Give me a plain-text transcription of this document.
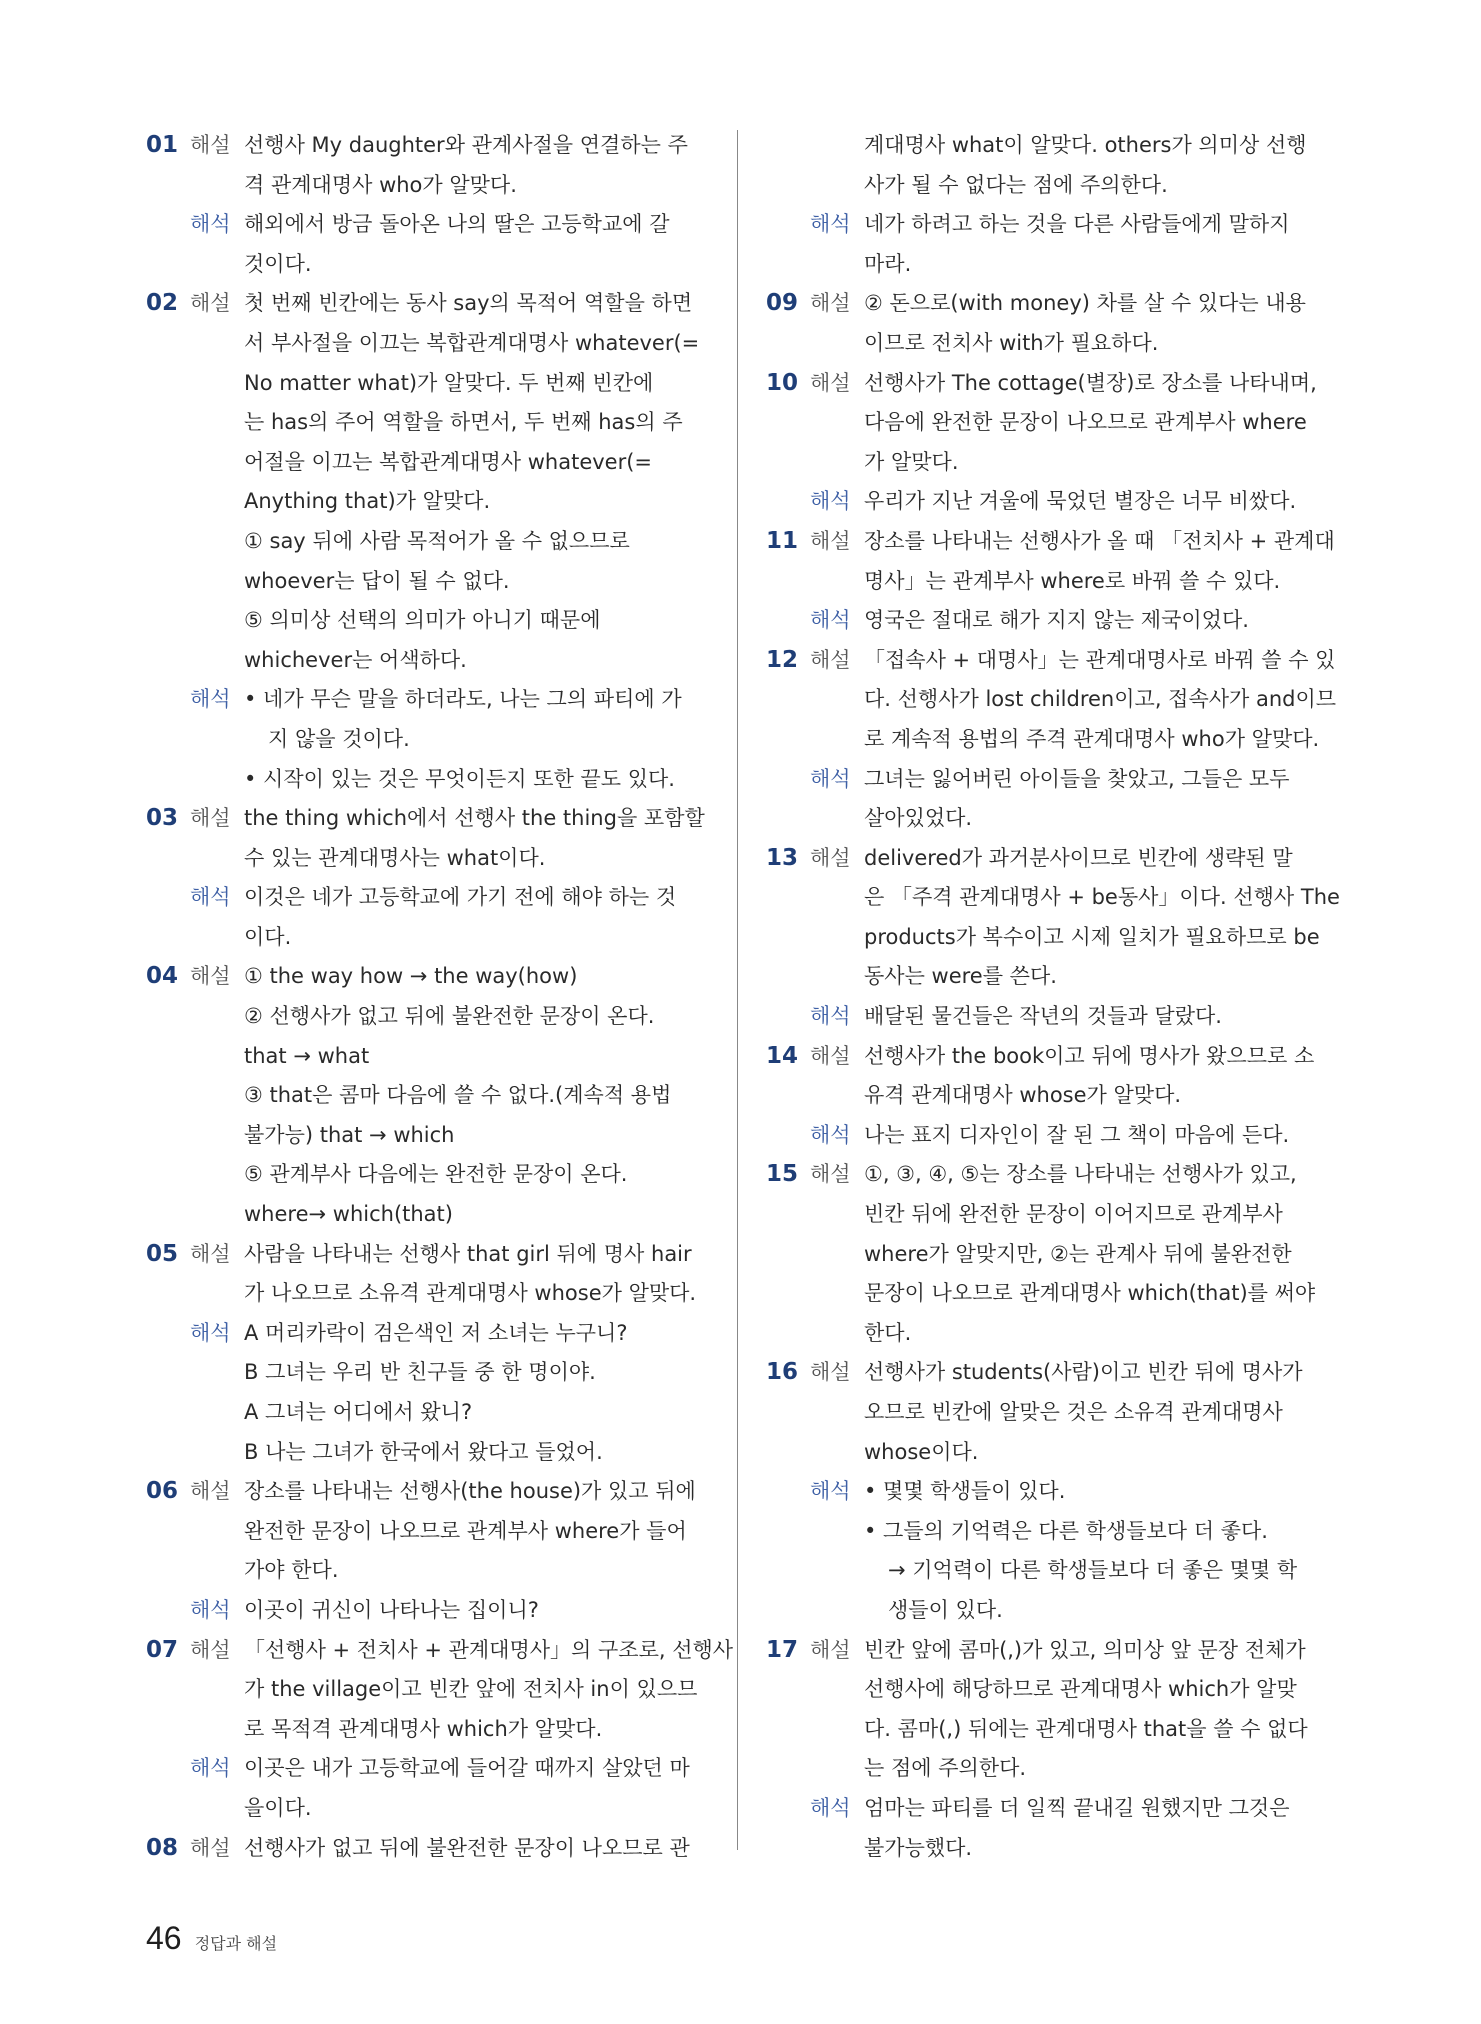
01 해설 선행사 My daughter와 관계사절을 연결하는 주
격 관계대명사 who가 알맞다.
해석 해외에서 방금 돌아온 나의 딸은 고등학교에 갈
것이다.
02 해설 첫 번째 빈칸에는 동사 say의 목적어 역할을 하면
서 부사절을 이끄는 복합관계대명사 whatever(=
No matter what)가 알맞다. 두 번째 빈칸에
는 has의 주어 역할을 하면서, 두 번째 has의 주
어절을 이끄는 복합관계대명사 whatever(=
Anything that)가 알맞다.
① say 뒤에 사람 목적어가 올 수 없으므로
whoever는 답이 될 수 없다.
⑤ 의미상 선택의 의미가 아니기 때문에
whichever는 어색하다.
해석 • 네가 무슨 말을 하더라도, 나는 그의 파티에 가
지 않을 것이다.
• 시작이 있는 것은 무엇이든지 또한 끝도 있다.
03 해설 the thing which에서 선행사 the thing을 포함할
수 있는 관계대명사는 what이다.
해석 이것은 네가 고등학교에 가기 전에 해야 하는 것
이다.
04 해설 ① the way how → the way(how)
② 선행사가 없고 뒤에 불완전한 문장이 온다.
that → what
③ that은 콤마 다음에 쓸 수 없다.(계속적 용법
불가능) that → which
⑤ 관계부사 다음에는 완전한 문장이 온다.
where→ which(that)
05 해설 사람을 나타내는 선행사 that girl 뒤에 명사 hair
가 나오므로 소유격 관계대명사 whose가 알맞다.
해석 A 머리카락이 검은색인 저 소녀는 누구니?
B 그녀는 우리 반 친구들 중 한 명이야.
A 그녀는 어디에서 왔니?
B 나는 그녀가 한국에서 왔다고 들었어.
06 해설 장소를 나타내는 선행사(the house)가 있고 뒤에
완전한 문장이 나오므로 관계부사 where가 들어
가야 한다.
해석 이곳이 귀신이 나타나는 집이니?
07 해설 「선행사 + 전치사 + 관계대명사」의 구조로, 선행사
가 the village이고 빈칸 앞에 전치사 in이 있으므
로 목적격 관계대명사 which가 알맞다.
해석 이곳은 내가 고등학교에 들어갈 때까지 살았던 마
을이다.
08 해설 선행사가 없고 뒤에 불완전한 문장이 나오므로 관
계대명사 what이 알맞다. others가 의미상 선행
사가 될 수 없다는 점에 주의한다.
해석 네가 하려고 하는 것을 다른 사람들에게 말하지
마라.
09 해설 ② 돈으로(with money) 차를 살 수 있다는 내용
이므로 전치사 with가 필요하다.
10 해설 선행사가 The cottage(별장)로 장소를 나타내며,
다음에 완전한 문장이 나오므로 관계부사 where
가 알맞다.
해석 우리가 지난 겨울에 묵었던 별장은 너무 비쌌다.
11 해설 장소를 나타내는 선행사가 올 때 「전치사 + 관계대
명사」는 관계부사 where로 바꿔 쓸 수 있다.
해석 영국은 절대로 해가 지지 않는 제국이었다.
12 해설 「접속사 + 대명사」는 관계대명사로 바꿔 쓸 수 있
다. 선행사가 lost children이고, 접속사가 and이므
로 계속적 용법의 주격 관계대명사 who가 알맞다.
해석 그녀는 잃어버린 아이들을 찾았고, 그들은 모두
살아있었다.
13 해설 delivered가 과거분사이므로 빈칸에 생략된 말
은 「주격 관계대명사 + be동사」이다. 선행사 The
products가 복수이고 시제 일치가 필요하므로 be
동사는 were를 쓴다.
해석 배달된 물건들은 작년의 것들과 달랐다.
14 해설 선행사가 the book이고 뒤에 명사가 왔으므로 소
유격 관계대명사 whose가 알맞다.
해석 나는 표지 디자인이 잘 된 그 책이 마음에 든다.
15 해설 ①, ③, ④, ⑤는 장소를 나타내는 선행사가 있고,
빈칸 뒤에 완전한 문장이 이어지므로 관계부사
where가 알맞지만, ②는 관계사 뒤에 불완전한
문장이 나오므로 관계대명사 which(that)를 써야
한다.
16 해설 선행사가 students(사람)이고 빈칸 뒤에 명사가
오므로 빈칸에 알맞은 것은 소유격 관계대명사
whose이다.
해석 • 몇몇 학생들이 있다.
• 그들의 기억력은 다른 학생들보다 더 좋다.
→ 기억력이 다른 학생들보다 더 좋은 몇몇 학
생들이 있다.
17 해설 빈칸 앞에 콤마(,)가 있고, 의미상 앞 문장 전체가
선행사에 해당하므로 관계대명사 which가 알맞
다. 콤마(,) 뒤에는 관계대명사 that을 쓸 수 없다
는 점에 주의한다.
해석 엄마는 파티를 더 일찍 끝내길 원했지만 그것은
불가능했다.
46 정답과 해설
